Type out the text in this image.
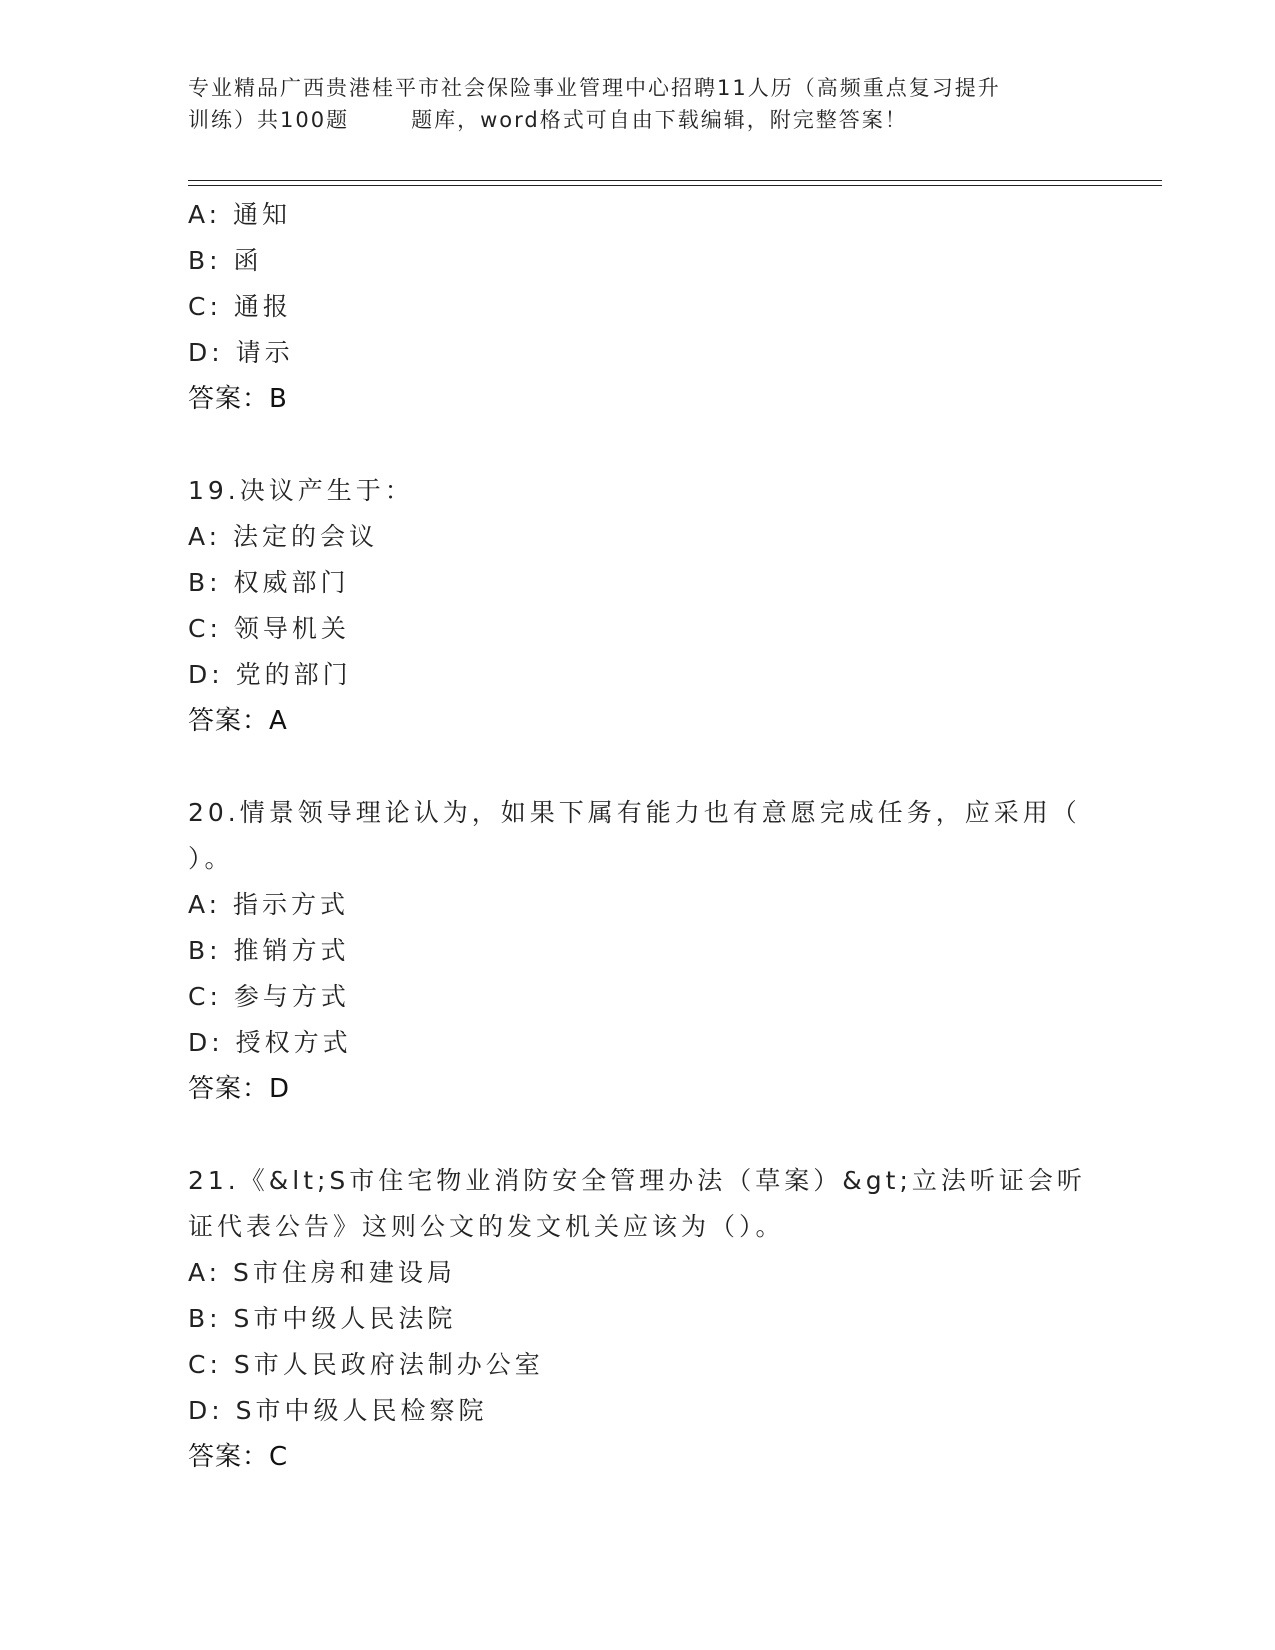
专业精品广西贵港桂平市社会保险事业管理中心招聘11人历（高频重点复习提升
训练）共100题	题库，word格式可自由下载编辑，附完整答案！
A: 通知
B: 函
C: 通报
D: 请示
答案：B
19.决议产生于：
A: 法定的会议
B: 权威部门
C: 领导机关
D: 党的部门
答案：A
20.情景领导理论认为，如果下属有能力也有意愿完成任务，应采用（
）。
A: 指示方式
B: 推销方式
C: 参与方式
D: 授权方式
答案：D
21.《&lt;S市住宅物业消防安全管理办法（草案）&gt;立法听证会听
证代表公告》这则公文的发文机关应该为（）。
A: S市住房和建设局
B: S市中级人民法院
C: S市人民政府法制办公室
D: S市中级人民检察院
答案：C
